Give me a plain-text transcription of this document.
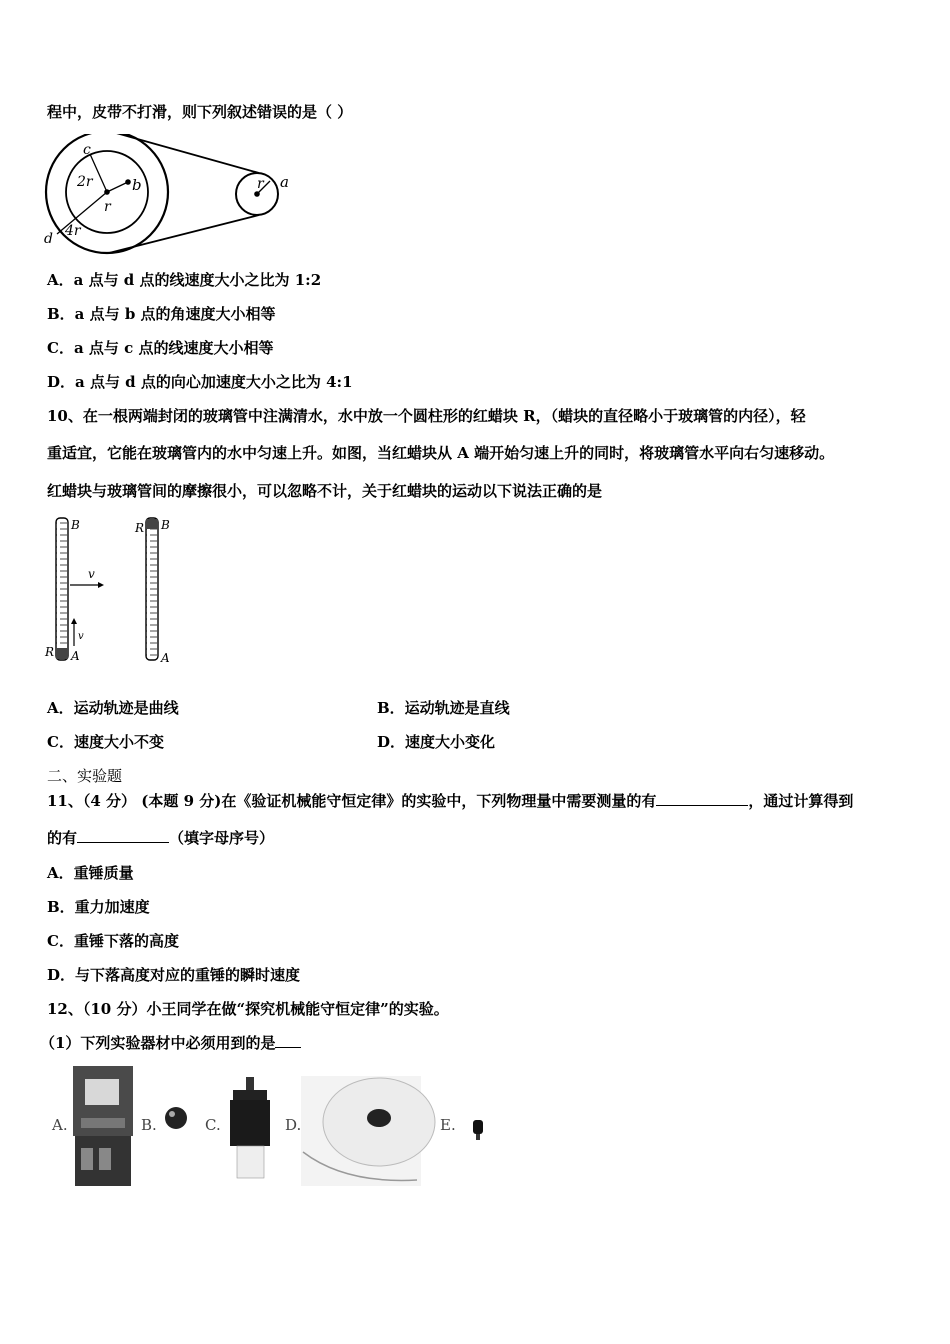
程中，皮带不打滑，则下列叙述错误的是（ ）
c
b
2r
r
d 4r
r a
A．a 点与 d 点的线速度大小之比为 1:2
B．a 点与 b 点的角速度大小相等
C．a 点与 c 点的线速度大小相等
D．a 点与 d 点的向心加速度大小之比为 4:1
10、在一根两端封闭的玻璃管中注满清水，水中放一个圆柱形的红蜡块 R，（蜡块的直径略小于玻璃管的内径），轻
重适宜，它能在玻璃管内的水中匀速上升。如图，当红蜡块从 A 端开始匀速上升的同时，将玻璃管水平向右匀速移动。
红蜡块与玻璃管间的摩擦很小，可以忽略不计，关于红蜡块的运动以下说法正确的是
B
A
R
v
v
B
A
R
A．运动轨迹是曲线	B．运动轨迹是直线
C．速度大小不变	D．速度大小变化
二、实验题
11、（4 分） (本题 9 分)在《验证机械能守恒定律》的实验中，下列物理量中需要测量的有	，通过计算得到
的有	（填字母序号）
A．重锤质量
B．重力加速度
C．重锤下落的高度
D．与下落高度对应的重锤的瞬时速度
12、（10 分）小王同学在做“探究机械能守恒定律”的实验。
（1）下列实验器材中必须用到的是
A.	B.	C.	D.	E.
